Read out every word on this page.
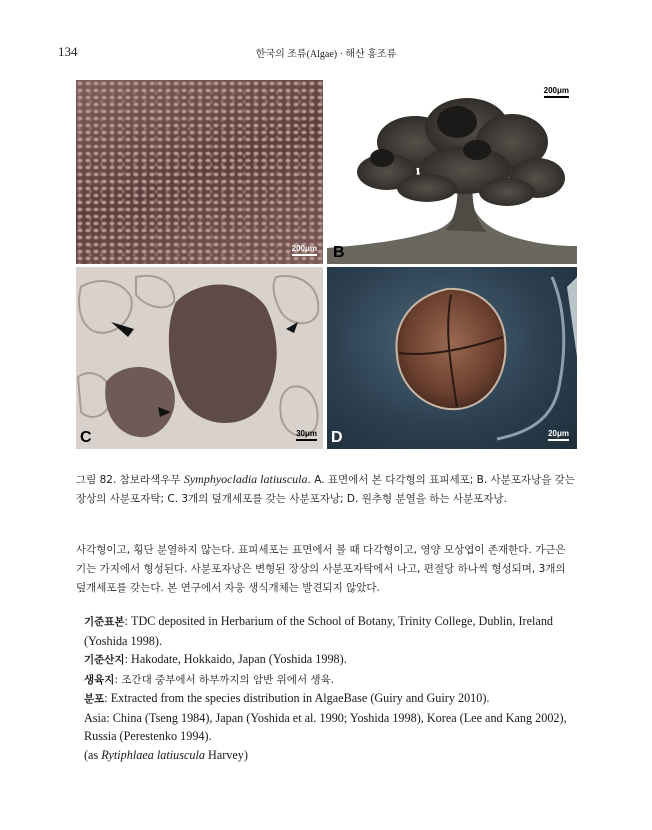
134	한국의 조류(Algae) · 해산 홍조류
200μm
200μm
B
30μm
C	20μm
D
그림 82. 참보라색우무 Symphyocladia latiuscula. A. 표면에서 본 다각형의 표피세포; B. 사분포자낭을 갖는 장상의 사분포자탁; C. 3개의 덮개세포를 갖는 사분포자낭; D. 원추형 분열을 하는 사분포자낭.
사각형이고, 횡단 분열하지 않는다. 표피세포는 표면에서 볼 때 다각형이고, 영양 모상엽이 존재한다. 가근은 기는 가지에서 형성된다. 사분포자낭은 변형된 장상의 사분포자탁에서 나고, 편절당 하나씩 형성되며, 3개의 덮개세포를 갖는다. 본 연구에서 자웅 생식개체는 발견되지 않았다.

기준표본: TDC deposited in Herbarium of the School of Botany, Trinity College, Dublin, Ireland (Yoshida 1998).

기준산지: Hakodate, Hokkaido, Japan (Yoshida 1998).

생육지: 조간대 중부에서 하부까지의 암반 위에서 생육.

분포: Extracted from the species distribution in AlgaeBase (Guiry and Guiry 2010).

Asia: China (Tseng 1984), Japan (Yoshida et al. 1990; Yoshida 1998), Korea (Lee and Kang 2002), Russia (Perestenko 1994).

(as Rytiphlaea latiuscula Harvey)
